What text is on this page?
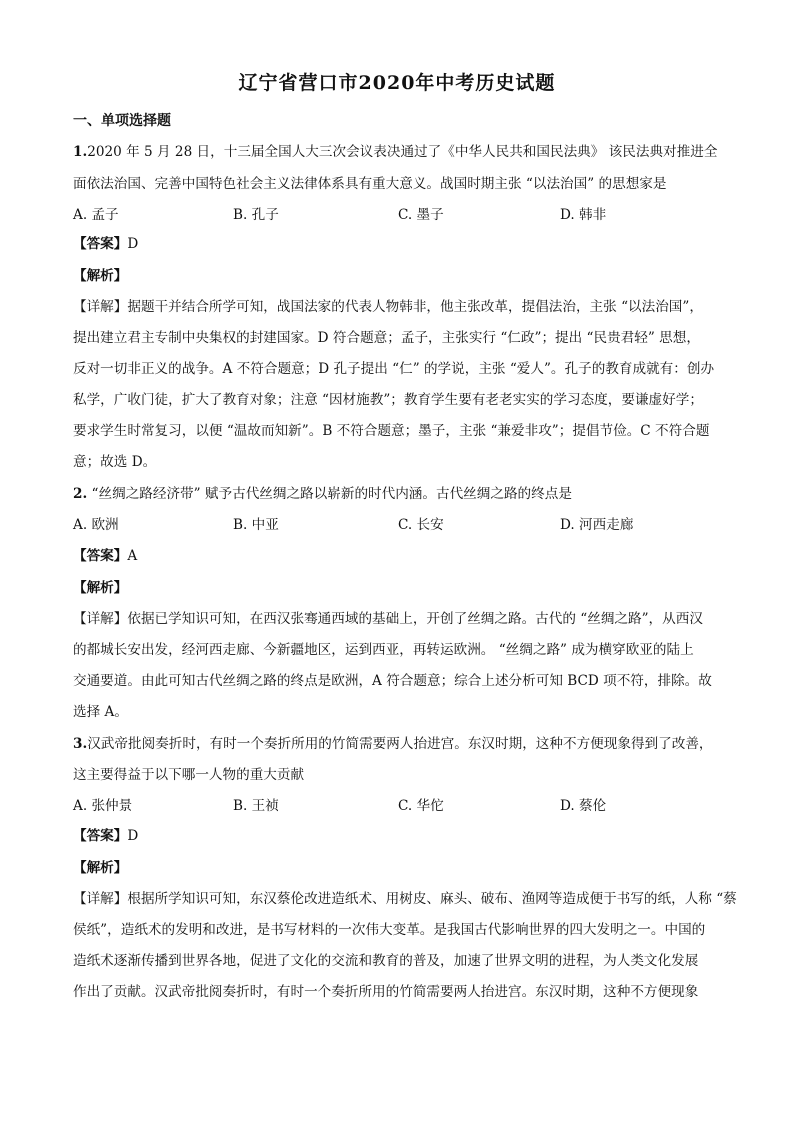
辽宁省营口市2020年中考历史试题
一、单项选择题
1.2020 年 5 月 28 日，十三届全国人大三次会议表决通过了《中华人民共和国民法典》 该民法典对推进全
面依法治国、完善中国特色社会主义法律体系具有重大意义。战国时期主张 “以法治国” 的思想家是
A. 孟子	B. 孔子	C. 墨子	D. 韩非
【答案】D
【解析】
【详解】据题干并结合所学可知，战国法家的代表人物韩非，他主张改革，提倡法治，主张 “以法治国”，
提出建立君主专制中央集权的封建国家。D 符合题意；孟子，主张实行 “仁政”；提出 “民贵君轻” 思想，
反对一切非正义的战争。A 不符合题意；D 孔子提出 “仁” 的学说，主张 “爱人”。孔子的教育成就有：创办
私学，广收门徒，扩大了教育对象；注意 “因材施教”；教育学生要有老老实实的学习态度，要谦虚好学；
要求学生时常复习，以便 “温故而知新”。B 不符合题意；墨子，主张 “兼爱非攻”；提倡节俭。C 不符合题
意；故选 D。
2. “丝绸之路经济带” 赋予古代丝绸之路以崭新的时代内涵。古代丝绸之路的终点是
A. 欧洲	B. 中亚	C. 长安	D. 河西走廊
【答案】A
【解析】
【详解】依据已学知识可知，在西汉张骞通西域的基础上，开创了丝绸之路。古代的 “丝绸之路”，从西汉
的都城长安出发，经河西走廊、今新疆地区，运到西亚，再转运欧洲。 “丝绸之路” 成为横穿欧亚的陆上
交通要道。由此可知古代丝绸之路的终点是欧洲，A 符合题意；综合上述分析可知 BCD 项不符，排除。故
选择 A。
3.汉武帝批阅奏折时，有时一个奏折所用的竹简需要两人抬进宫。东汉时期，这种不方便现象得到了改善，
这主要得益于以下哪一人物的重大贡献
A. 张仲景	B. 王祯	C. 华佗	D. 蔡伦
【答案】D
【解析】
【详解】根据所学知识可知，东汉蔡伦改进造纸术、用树皮、麻头、破布、渔网等造成便于书写的纸，人称 “蔡
侯纸”，造纸术的发明和改进，是书写材料的一次伟大变革。是我国古代影响世界的四大发明之一。中国的
造纸术逐渐传播到世界各地，促进了文化的交流和教育的普及，加速了世界文明的进程，为人类文化发展
作出了贡献。汉武帝批阅奏折时，有时一个奏折所用的竹简需要两人抬进宫。东汉时期，这种不方便现象
